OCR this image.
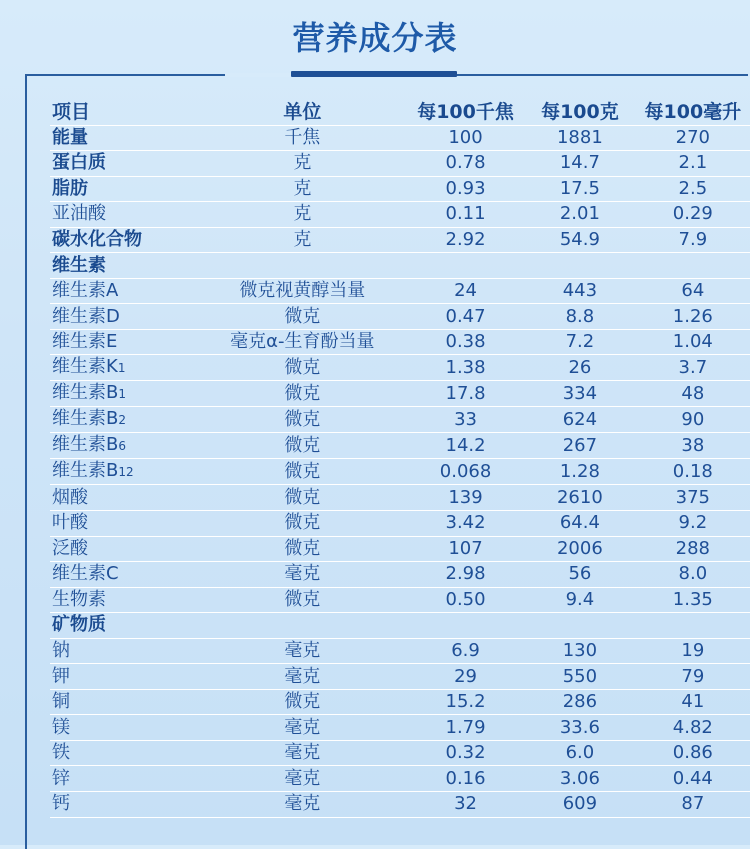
营养成分表
项目	单位	每100千焦	每100克	每100毫升
能量	千焦	100	1881	270
蛋白质	克	0.78	14.7	2.1
脂肪	克	0.93	17.5	2.5
亚油酸	克	0.11	2.01	0.29
碳水化合物	克	2.92	54.9	7.9
维生素				
维生素A	微克视黄醇当量	24	443	64
维生素D	微克	0.47	8.8	1.26
维生素E	毫克α-生育酚当量	0.38	7.2	1.04
维生素K1	微克	1.38	26	3.7
维生素B1	微克	17.8	334	48
维生素B2	微克	33	624	90
维生素B6	微克	14.2	267	38
维生素B12	微克	0.068	1.28	0.18
烟酸	微克	139	2610	375
叶酸	微克	3.42	64.4	9.2
泛酸	微克	107	2006	288
维生素C	毫克	2.98	56	8.0
生物素	微克	0.50	9.4	1.35
矿物质				
钠	毫克	6.9	130	19
钾	毫克	29	550	79
铜	微克	15.2	286	41
镁	毫克	1.79	33.6	4.82
铁	毫克	0.32	6.0	0.86
锌	毫克	0.16	3.06	0.44
钙	毫克	32	609	87
